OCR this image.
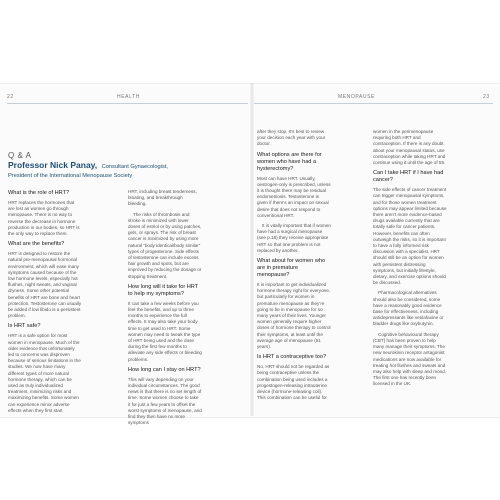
22	HEALTH	MENOPAUSE	23
Q & A
Professor Nick Panay, Consultant Gynaecologist,
President of the International Menopause Society
What is the role of HRT?

HRT replaces the hormones that are lost as women go through menopause. There is no way to reverse the decrease in hormone production in our bodies, so HRT is the only way to replace them.

What are the benefits?

HRT is designed to restore the natural pre-menopausal hormonal environment, which will ease many symptoms caused because of the low hormone levels, especially hot flushes, night sweats, and vaginal dryness. Some other potential benefits of HRT are bone and heart protection. Testosterone can usually be added if low libido is a persistent problem.

Is HRT safe?

HRT is a safe option for most women in menopause. Much of the older evidence that unfortunately led to concerns was disproven because of serious limitations in the studies. We now have many different types of more natural hormone therapy, which can be used as truly individualized treatment, minimizing risks and maximizing benefits. Some women can experience minor adverse effects when they first start

HRT, including breast tenderness, bloating, and breakthrough bleeding.

The risks of thrombosis and stroke is minimized with lower doses of estriol or by using patches, gels, or sprays. The risk of breast cancer is minimized by using more natural “body identical/body similar” types of progesterone. Side effects of testosterone can include excess hair growth and spots, but are improved by reducing the dosage or stopping treatment.

How long will it take for HRT to help my symptoms?

It can take a few weeks before you feel the benefits, and up to three months to experience the full effects. It may also take your body time to get used to HRT. Some women may need to tweak the type of HRT being used and the dose during the first few months to alleviate any side effects or bleeding problems.

How long can I stay on HRT?

This will vary depending on your individual circumstances. The good news is that there is no set length of time. Some women choose to take it for just a few years to offset the worst symptoms of menopause, and find they then have no more symptoms

after they stop. It’s best to review your decision each year with your doctor.

What options are there for women who have had a hysterectomy?

Most can have HRT. Usually, oestrogen-only is prescribed, unless it is thought there may be residual endometriosis. Testosterone is given if there’s an impact on sexual desire that does not respond to conventional HRT.

It is vitally important that if women have had a surgical menopause (see p.18) they receive appropriate HRT so that one problem is not replaced by another.

What about for women who are in premature menopause?

It is important to get individualized hormone therapy right for everyone, but particularly for women in premature menopause as they’re going to be in menopause for so many years of their lives. Younger women generally require higher doses of hormone therapy to control their symptoms, at least until the average age of menopause (51 years).

Is HRT a contraceptive too?

No, HRT should not be regarded as being contraceptive unless the combination being used includes a progestogen-releasing intrauterine device (hormone-releasing coil). This combination can be useful for

women in the perimenopause requiring both HRT and contraception. If there is any doubt about your menopausal status, use contraception while taking HRT and continue using it until the age of 55.

Can I take HRT if I have had cancer?

The side effects of cancer treatment can trigger menopausal symptoms, and for those women treatment options may appear limited because there aren’t more evidence-based drugs available currently that are totally safe for cancer patients. However, benefits can often outweigh the risks, so it is important to have a fully informed risk discussion with a specialist. HRT should still be an option for women with persistent distressing symptoms, but initially lifestyle, dietary, and exercise options should be discussed.

Pharmacological alternatives should also be considered, some have a reasonably good evidence base for effectiveness, including antidepressants like venlafaxine or bladder drugs like oxybutynin.

Cognitive behavioural therapy (CBT) has been proven to help many manage their symptoms. The new neurokinin receptor antagonist medications are now available for treating hot flushes and sweats and may also help with sleep and mood. The first one has recently been licensed in the UK.
